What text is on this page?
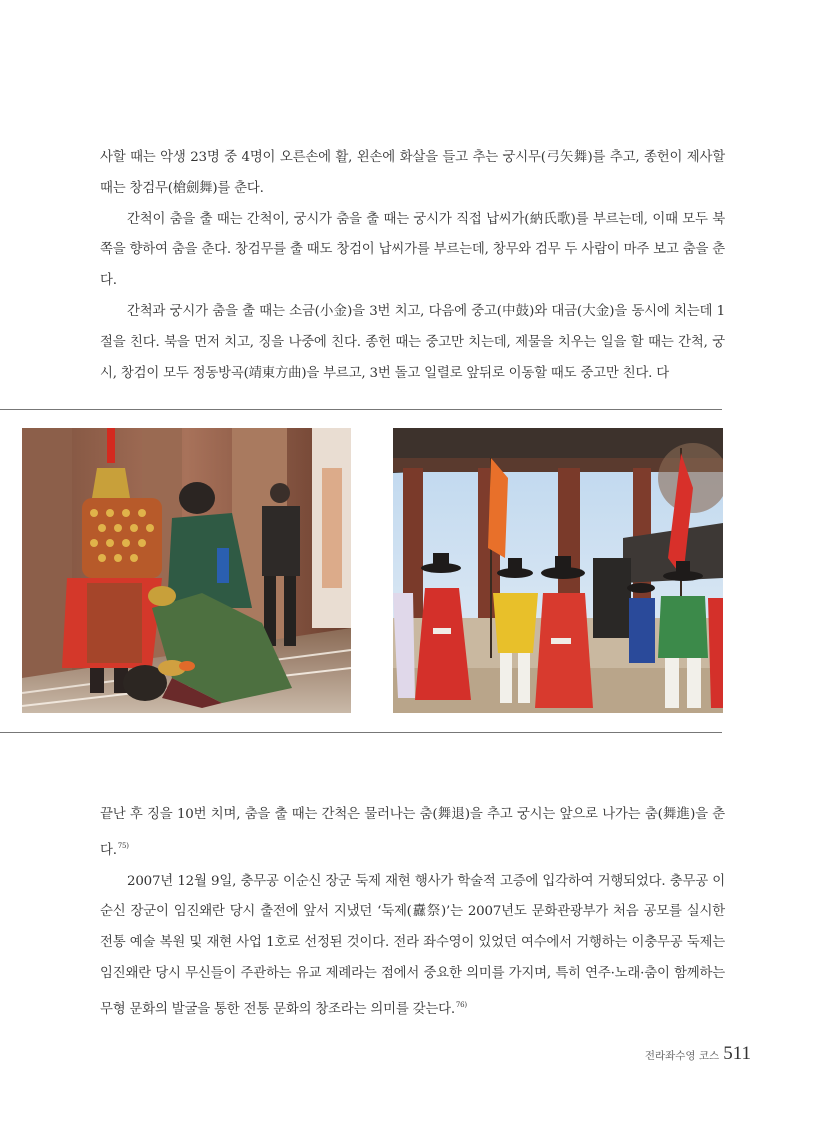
사할 때는 악생 23명 중 4명이 오른손에 활, 왼손에 화살을 들고 추는 궁시무(弓矢舞)를 추고, 종헌이 제사할 때는 창검무(槍劍舞)를 춘다.

간척이 춤을 출 때는 간척이, 궁시가 춤을 출 때는 궁시가 직접 납씨가(納氏歌)를 부르는데, 이때 모두 북쪽을 향하여 춤을 춘다. 창검무를 출 때도 창검이 납씨가를 부르는데, 창무와 검무 두 사람이 마주 보고 춤을 춘다.

간척과 궁시가 춤을 출 때는 소금(小金)을 3번 치고, 다음에 중고(中鼓)와 대금(大金)을 동시에 치는데 1절을 친다. 북을 먼저 치고, 징을 나중에 친다. 종헌 때는 중고만 치는데, 제물을 치우는 일을 할 때는 간척, 궁시, 창검이 모두 정동방곡(靖東方曲)을 부르고, 3번 돌고 일렬로 앞뒤로 이동할 때도 중고만 친다. 다

끝난 후 징을 10번 치며, 춤을 출 때는 간척은 물러나는 춤(舞退)을 추고 궁시는 앞으로 나가는 춤(舞進)을 춘다.$^{75)}$

2007년 12월 9일, 충무공 이순신 장군 둑제 재현 행사가 학술적 고증에 입각하여 거행되었다. 충무공 이순신 장군이 임진왜란 당시 출전에 앞서 지냈던 ‘둑제(纛祭)’는 2007년도 문화관광부가 처음 공모를 실시한 전통 예술 복원 및 재현 사업 1호로 선정된 것이다. 전라 좌수영이 있었던 여수에서 거행하는 이충무공 둑제는 임진왜란 당시 무신들이 주관하는 유교 제례라는 점에서 중요한 의미를 가지며, 특히 연주·노래·춤이 함께하는 무형 문화의 발굴을 통한 전통 문화의 창조라는 의미를 갖는다.$^{76)}$

전라좌수영 코스 511
